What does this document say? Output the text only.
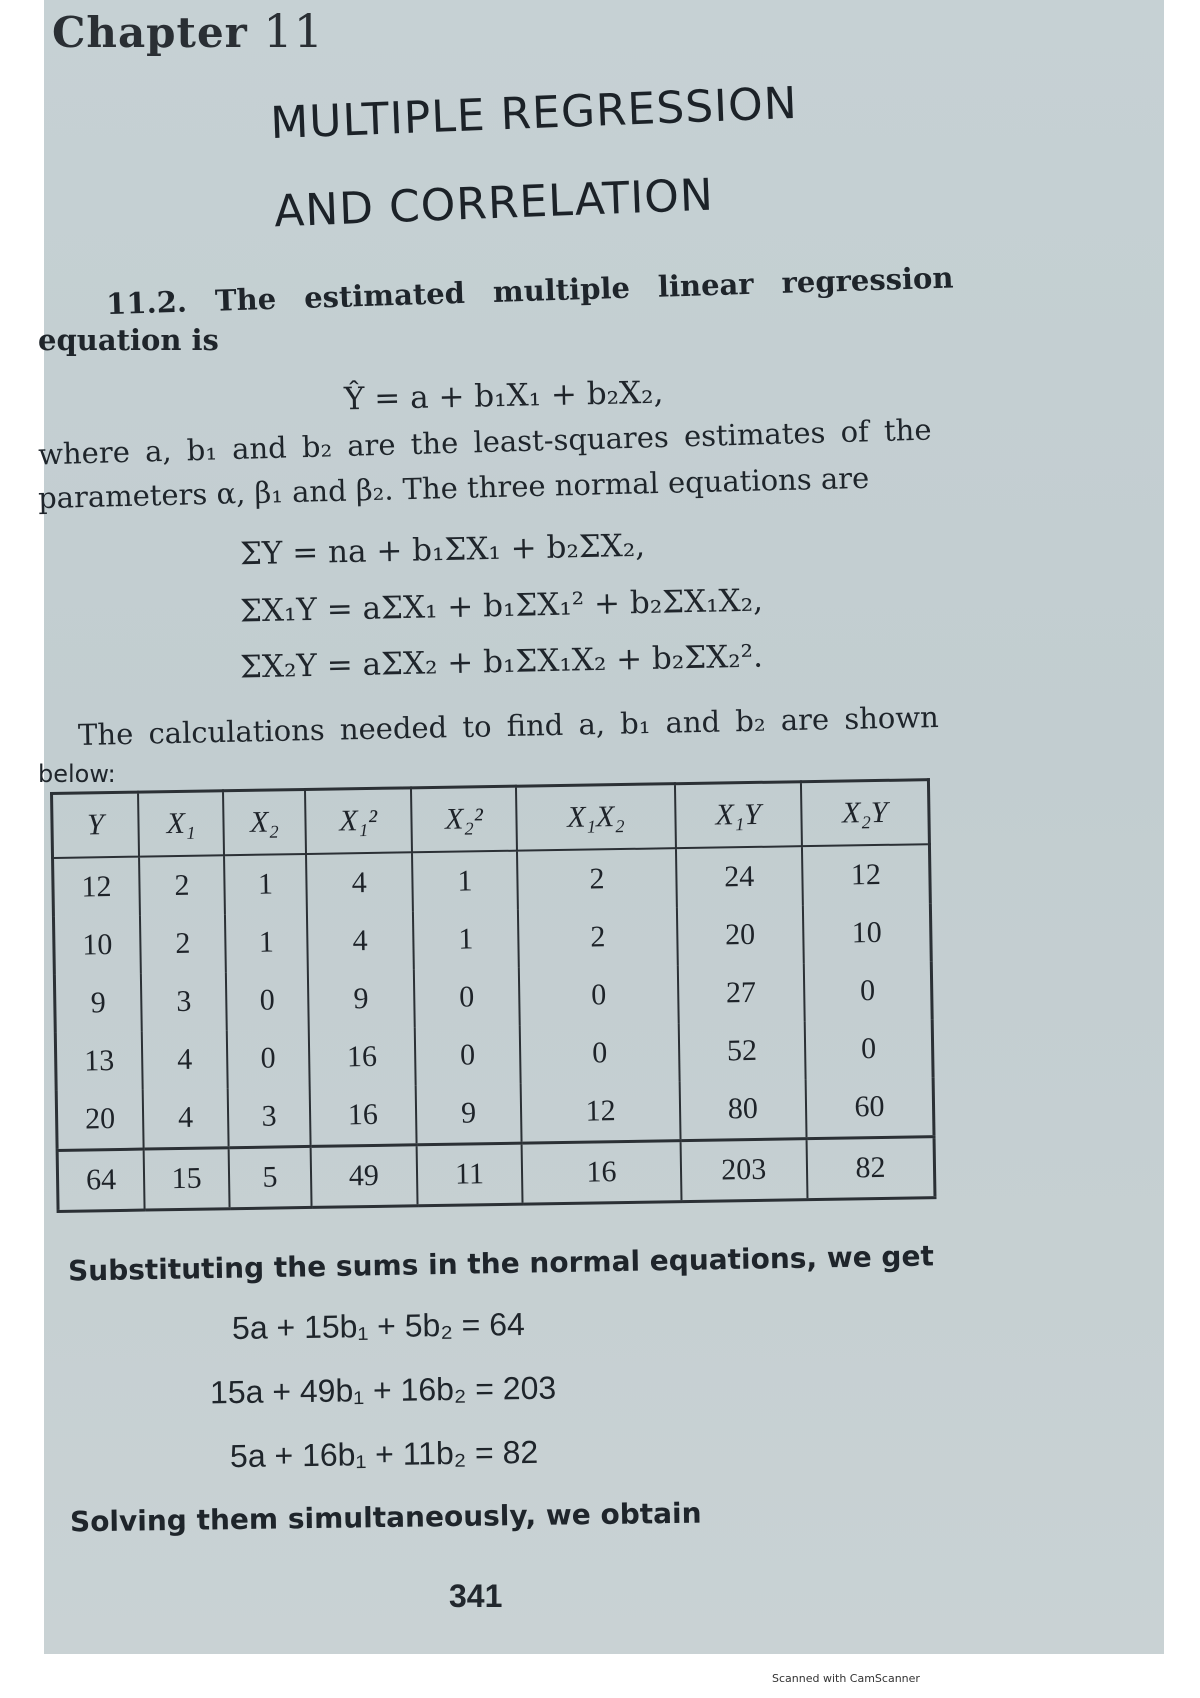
Chapter 11
MULTIPLE REGRESSION
AND CORRELATION
11.2. The estimated multiple linear regression
equation is
Ŷ = a + b₁X₁ + b₂X₂,
where a, b₁ and b₂ are the least-squares estimates of the
parameters α, β₁ and β₂. The three normal equations are
ΣY = na + b₁ΣX₁ + b₂ΣX₂,
ΣX₁Y = aΣX₁ + b₁ΣX₁² + b₂ΣX₁X₂,
ΣX₂Y = aΣX₂ + b₁ΣX₁X₂ + b₂ΣX₂².
The calculations needed to find a, b₁ and b₂ are shown
below:
Y	X₁	X₂	X₁²	X₂²	X₁X₂	X₁Y	X₂Y
12	2	1	4	1	2	24	12
10	2	1	4	1	2	20	10
9	3	0	9	0	0	27	0
13	4	0	16	0	0	52	0
20	4	3	16	9	12	80	60
64	15	5	49	11	16	203	82
Substituting the sums in the normal equations, we get
5a + 15b₁ + 5b₂ = 64
15a + 49b₁ + 16b₂ = 203
5a + 16b₁ + 11b₂ = 82
Solving them simultaneously, we obtain
341
Scanned with CamScanner
